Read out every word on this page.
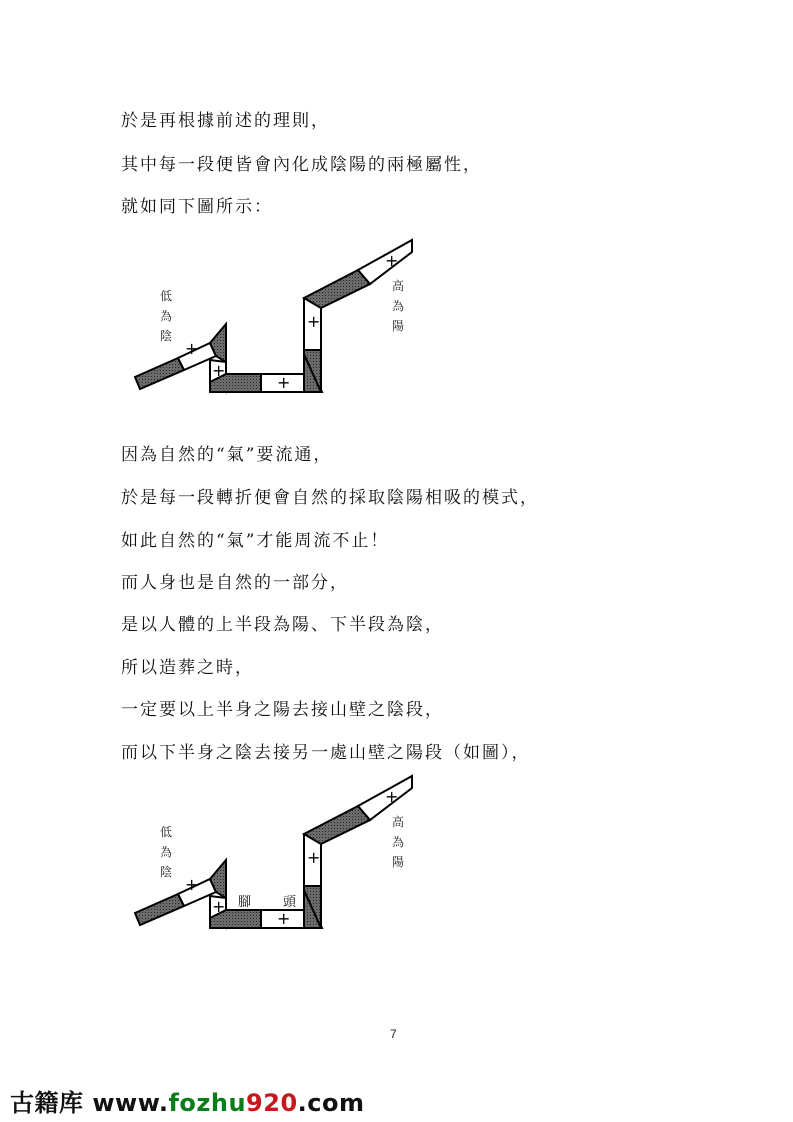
於是再根據前述的理則，
其中每一段便皆會內化成陰陽的兩極屬性，
就如同下圖所示：
+
+
+
+
+
低
為
陰
高
為
陽
因為自然的“氣”要流通，
於是每一段轉折便會自然的採取陰陽相吸的模式，
如此自然的“氣”才能周流不止！
而人身也是自然的一部分，
是以人體的上半段為陽、下半段為陰，
所以造葬之時，
一定要以上半身之陽去接山壁之陰段，
而以下半身之陰去接另一處山壁之陽段（如圖），
+
+
+
+
+
腳 頭
低
為
陰
高
為
陽
7
古籍库 www.fozhu920.com
